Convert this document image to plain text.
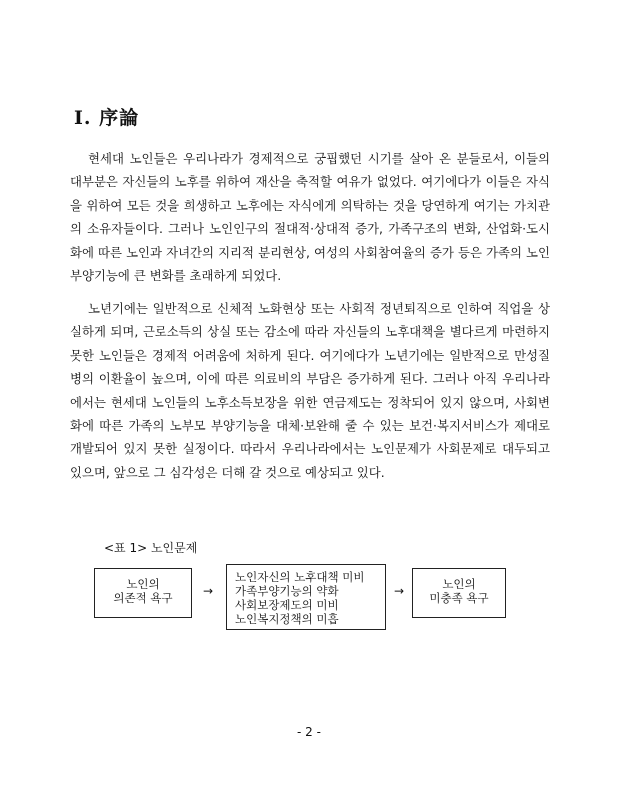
Ⅰ. 序論

현세대 노인들은 우리나라가 경제적으로 궁핍했던 시기를 살아 온 분들로서, 이들의 대부분은 자신들의 노후를 위하여 재산을 축적할 여유가 없었다. 여기에다가 이들은 자식을 위하여 모든 것을 희생하고 노후에는 자식에게 의탁하는 것을 당연하게 여기는 가치관의 소유자들이다. 그러나 노인인구의 절대적·상대적 증가, 가족구조의 변화, 산업화·도시화에 따른 노인과 자녀간의 지리적 분리현상, 여성의 사회참여율의 증가 등은 가족의 노인부양기능에 큰 변화를 초래하게 되었다.

노년기에는 일반적으로 신체적 노화현상 또는 사회적 정년퇴직으로 인하여 직업을 상실하게 되며, 근로소득의 상실 또는 감소에 따라 자신들의 노후대책을 별다르게 마련하지 못한 노인들은 경제적 어려움에 처하게 된다. 여기에다가 노년기에는 일반적으로 만성질병의 이환율이 높으며, 이에 따른 의료비의 부담은 증가하게 된다. 그러나 아직 우리나라에서는 현세대 노인들의 노후소득보장을 위한 연금제도는 정착되어 있지 않으며, 사회변화에 따른 가족의 노부모 부양기능을 대체·보완해 줄 수 있는 보건·복지서비스가 제대로 개발되어 있지 못한 실정이다. 따라서 우리나라에서는 노인문제가 사회문제로 대두되고 있으며, 앞으로 그 심각성은 더해 갈 것으로 예상되고 있다.

<표 1> 노인문제
노인의
의존적 욕구	→
노인자신의 노후대책 미비
가족부양기능의 약화
사회보장제도의 미비
노인복지정책의 미흡
→	노인의
미충족 욕구
- 2 -
